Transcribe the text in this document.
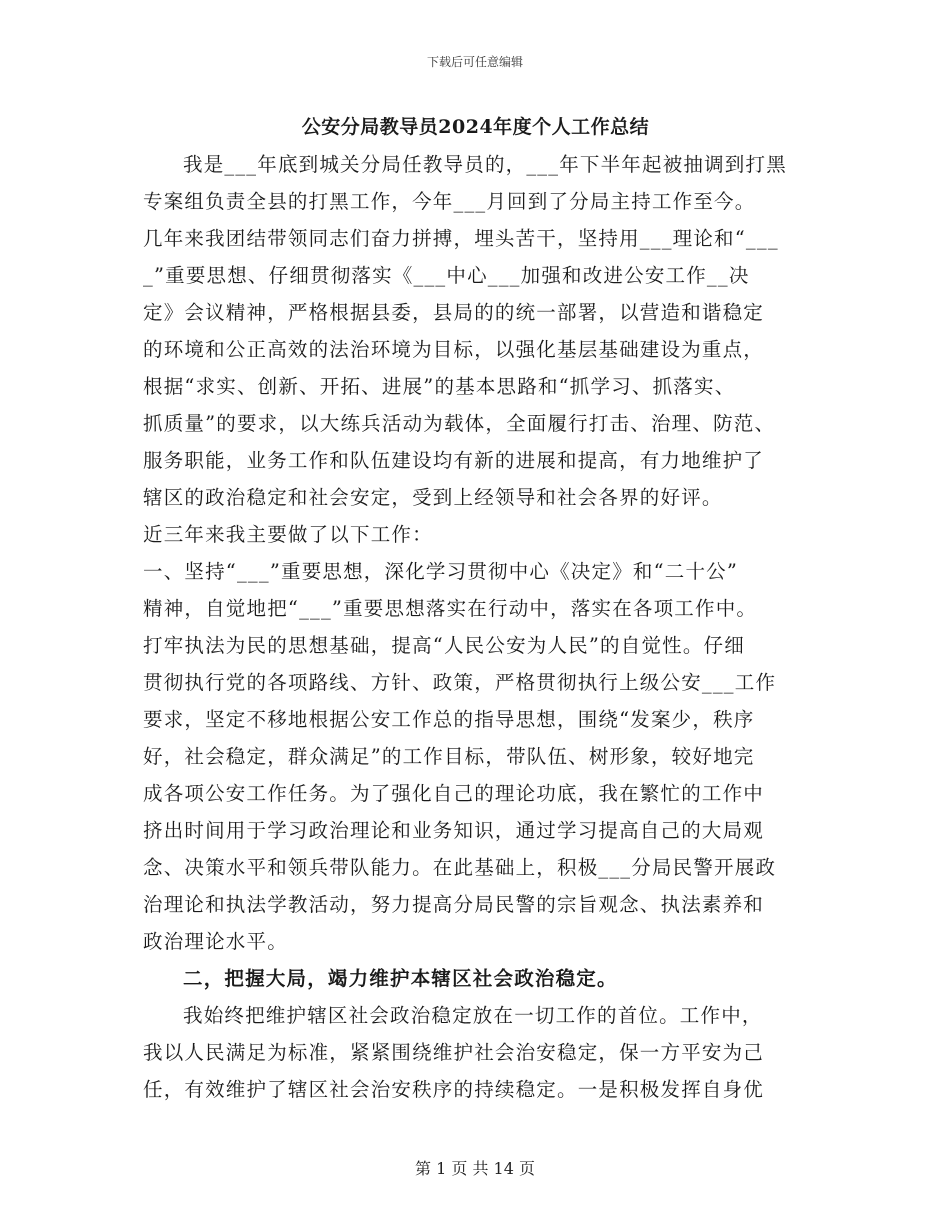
下载后可任意编辑
公安分局教导员2024年度个人工作总结
我是___年底到城关分局任教导员的，___年下半年起被抽调到打黑
专案组负责全县的打黑工作，今年___月回到了分局主持工作至今。
几年来我团结带领同志们奋力拼搏，埋头苦干，坚持用___理论和“___
_”重要思想、仔细贯彻落实《___中心___加强和改进公安工作__决
定》会议精神，严格根据县委，县局的的统一部署，以营造和谐稳定
的环境和公正高效的法治环境为目标，以强化基层基础建设为重点，
根据“求实、创新、开拓、进展”的基本思路和“抓学习、抓落实、
抓质量”的要求，以大练兵活动为载体，全面履行打击、治理、防范、
服务职能，业务工作和队伍建设均有新的进展和提高，有力地维护了
辖区的政治稳定和社会安定，受到上经领导和社会各界的好评。
近三年来我主要做了以下工作：
一、坚持“___”重要思想，深化学习贯彻中心《决定》和“二十公”
精神，自觉地把“___”重要思想落实在行动中，落实在各项工作中。
打牢执法为民的思想基础，提高“人民公安为人民”的自觉性。仔细
贯彻执行党的各项路线、方针、政策，严格贯彻执行上级公安___工作
要求，坚定不移地根据公安工作总的指导思想，围绕“发案少，秩序
好，社会稳定，群众满足”的工作目标，带队伍、树形象，较好地完
成各项公安工作任务。为了强化自己的理论功底，我在繁忙的工作中
挤出时间用于学习政治理论和业务知识，通过学习提高自己的大局观
念、决策水平和领兵带队能力。在此基础上，积极___分局民警开展政
治理论和执法学教活动，努力提高分局民警的宗旨观念、执法素养和
政治理论水平。
二，把握大局，竭力维护本辖区社会政治稳定。
我始终把维护辖区社会政治稳定放在一切工作的首位。工作中，
我以人民满足为标准，紧紧围绕维护社会治安稳定，保一方平安为己
任，有效维护了辖区社会治安秩序的持续稳定。一是积极发挥自身优
第 1 页 共 14 页
